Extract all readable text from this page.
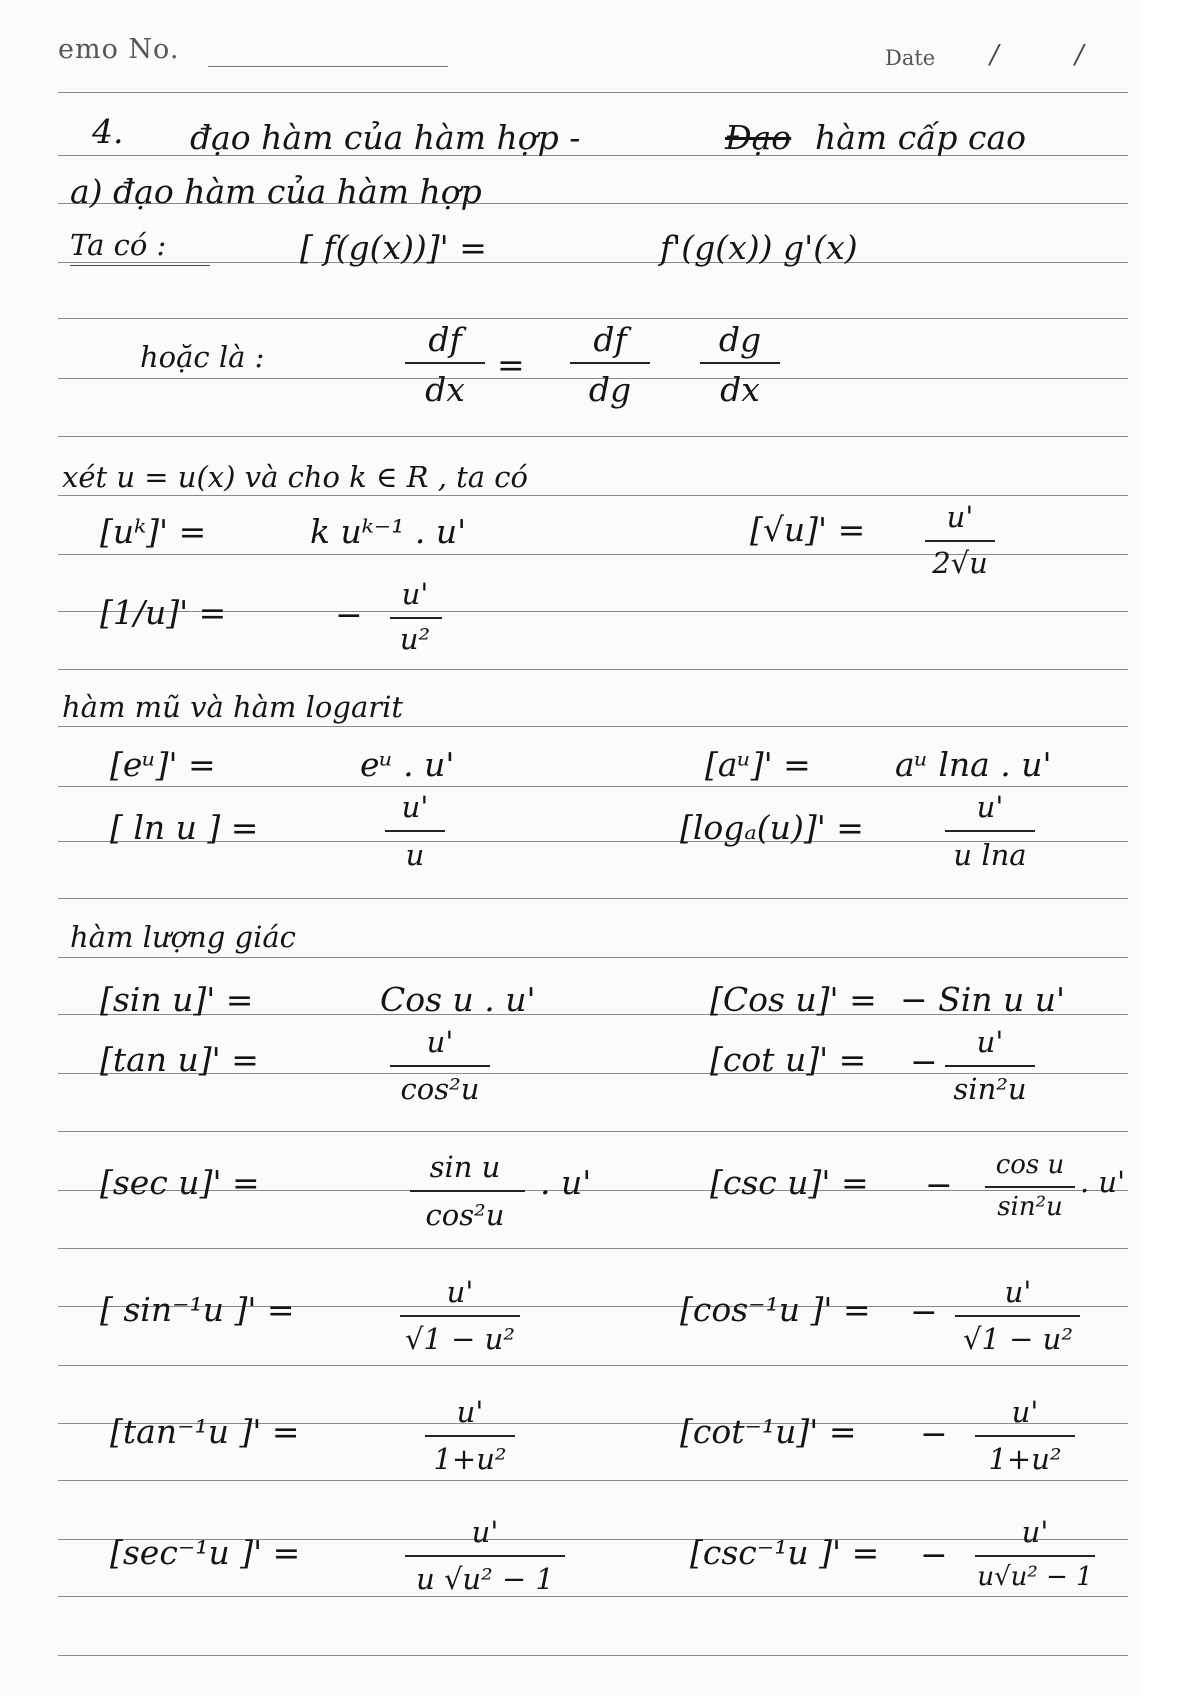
emo No.	Date /	/
4. đạo hàm của hàm hợp -	Đạo hàm cấp cao
a) đạo hàm của hàm hợp
Ta có :	[ f(g(x))]' =	f'(g(x)) g'(x)
hoặc là :	df
dx
=
df
dg
dg
dx
xét u = u(x) và cho k ∈ R , ta có
[uᵏ]' =	k uᵏ⁻¹ . u'	[√u]' =	u'
2√u
[1/u]' =	−
u'
u²
hàm mũ và hàm logarit
[eᵘ]' =	eᵘ . u'	[aᵘ]' =	aᵘ lna . u'
[ ln u ] =
u'
u
[logₐ(u)]' =
u'
u lna
hàm lượng giác
[sin u]' =	Cos u . u'	[Cos u]' = − Sin u u'
[tan u]' =	u'
cos²u
[cot u]' = − u'
sin²u
[sec u]' =	sin u
cos²u
. u'	[csc u]' = − cos u
sin²u
. u'
[ sin⁻¹u ]' =	u'
√1 − u²
[cos⁻¹u ]' = − u'
√1 − u²
[tan⁻¹u ]' =	u'
1+u²
[cot⁻¹u]' = −
u'
1+u²
[sec⁻¹u ]' =
u'
u √u² − 1
[csc⁻¹u ]' = −
u'
u√u² − 1
